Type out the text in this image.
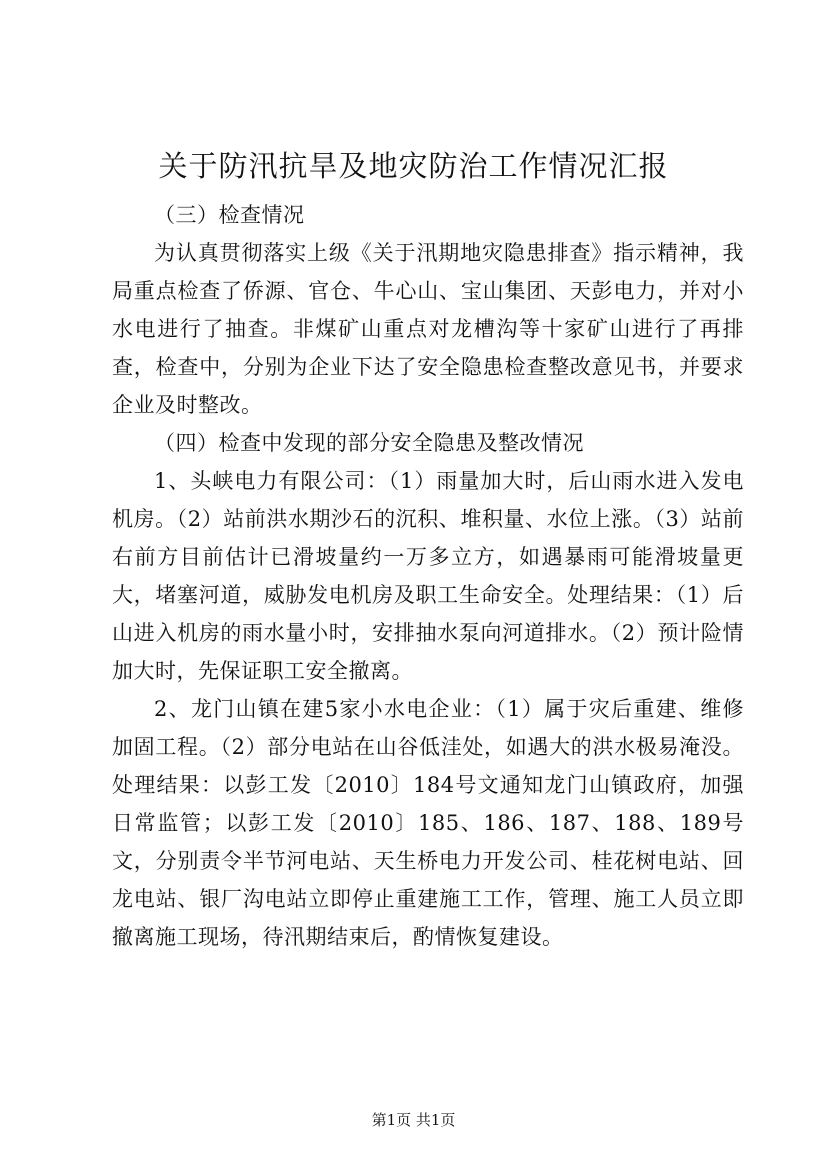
关于防汛抗旱及地灾防治工作情况汇报

（三）检查情况

为认真贯彻落实上级《关于汛期地灾隐患排查》指示精神，我局重点检查了侨源、官仓、牛心山、宝山集团、天彭电力，并对小水电进行了抽查。非煤矿山重点对龙槽沟等十家矿山进行了再排查，检查中，分别为企业下达了安全隐患检查整改意见书，并要求企业及时整改。

（四）检查中发现的部分安全隐患及整改情况

1、头峡电力有限公司：（1）雨量加大时，后山雨水进入发电机房。（2）站前洪水期沙石的沉积、堆积量、水位上涨。（3）站前右前方目前估计已滑坡量约一万多立方，如遇暴雨可能滑坡量更大，堵塞河道，威胁发电机房及职工生命安全。处理结果：（1）后山进入机房的雨水量小时，安排抽水泵向河道排水。（2）预计险情加大时，先保证职工安全撤离。

2、龙门山镇在建5家小水电企业：（1）属于灾后重建、维修加固工程。（2）部分电站在山谷低洼处，如遇大的洪水极易淹没。处理结果：以彭工发〔2010〕184号文通知龙门山镇政府，加强日常监管；以彭工发〔2010〕185、186、187、188、189号文，分别责令半节河电站、天生桥电力开发公司、桂花树电站、回龙电站、银厂沟电站立即停止重建施工工作，管理、施工人员立即撤离施工现场，待汛期结束后，酌情恢复建设。

第1页 共1页
